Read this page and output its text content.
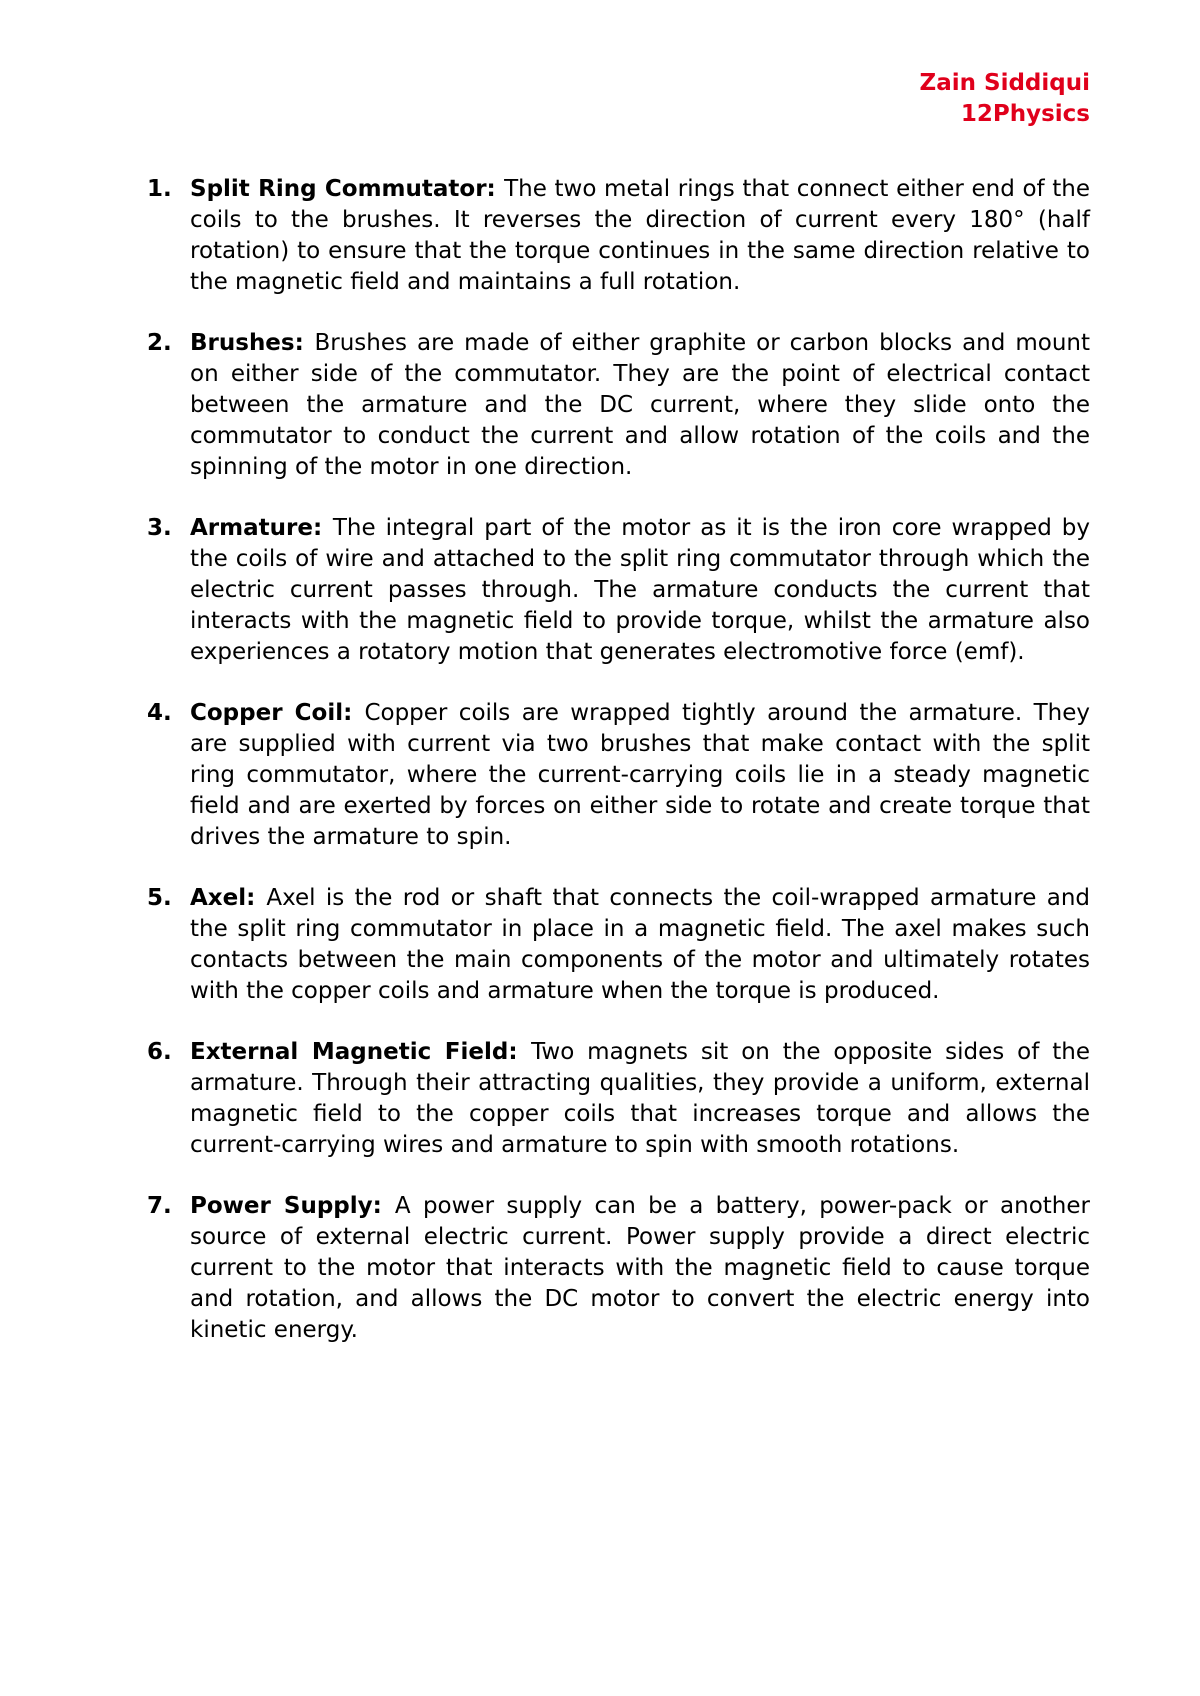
Zain Siddiqui
12Physics
1. Split Ring Commutator: The two metal rings that connect either end of the coils to the brushes. It reverses the direction of current every 180° (half rotation) to ensure that the torque continues in the same direction relative to the magnetic field and maintains a full rotation.
2. Brushes: Brushes are made of either graphite or carbon blocks and mount on either side of the commutator. They are the point of electrical contact between the armature and the DC current, where they slide onto the commutator to conduct the current and allow rotation of the coils and the spinning of the motor in one direction.
3. Armature: The integral part of the motor as it is the iron core wrapped by the coils of wire and attached to the split ring commutator through which the electric current passes through. The armature conducts the current that interacts with the magnetic field to provide torque, whilst the armature also experiences a rotatory motion that generates electromotive force (emf).
4. Copper Coil: Copper coils are wrapped tightly around the armature. They are supplied with current via two brushes that make contact with the split ring commutator, where the current-carrying coils lie in a steady magnetic field and are exerted by forces on either side to rotate and create torque that drives the armature to spin.
5. Axel: Axel is the rod or shaft that connects the coil-wrapped armature and the split ring commutator in place in a magnetic field. The axel makes such contacts between the main components of the motor and ultimately rotates with the copper coils and armature when the torque is produced.
6. External Magnetic Field: Two magnets sit on the opposite sides of the armature. Through their attracting qualities, they provide a uniform, external magnetic field to the copper coils that increases torque and allows the current-carrying wires and armature to spin with smooth rotations.
7. Power Supply: A power supply can be a battery, power-pack or another source of external electric current. Power supply provide a direct electric current to the motor that interacts with the magnetic field to cause torque and rotation, and allows the DC motor to convert the electric energy into kinetic energy.
